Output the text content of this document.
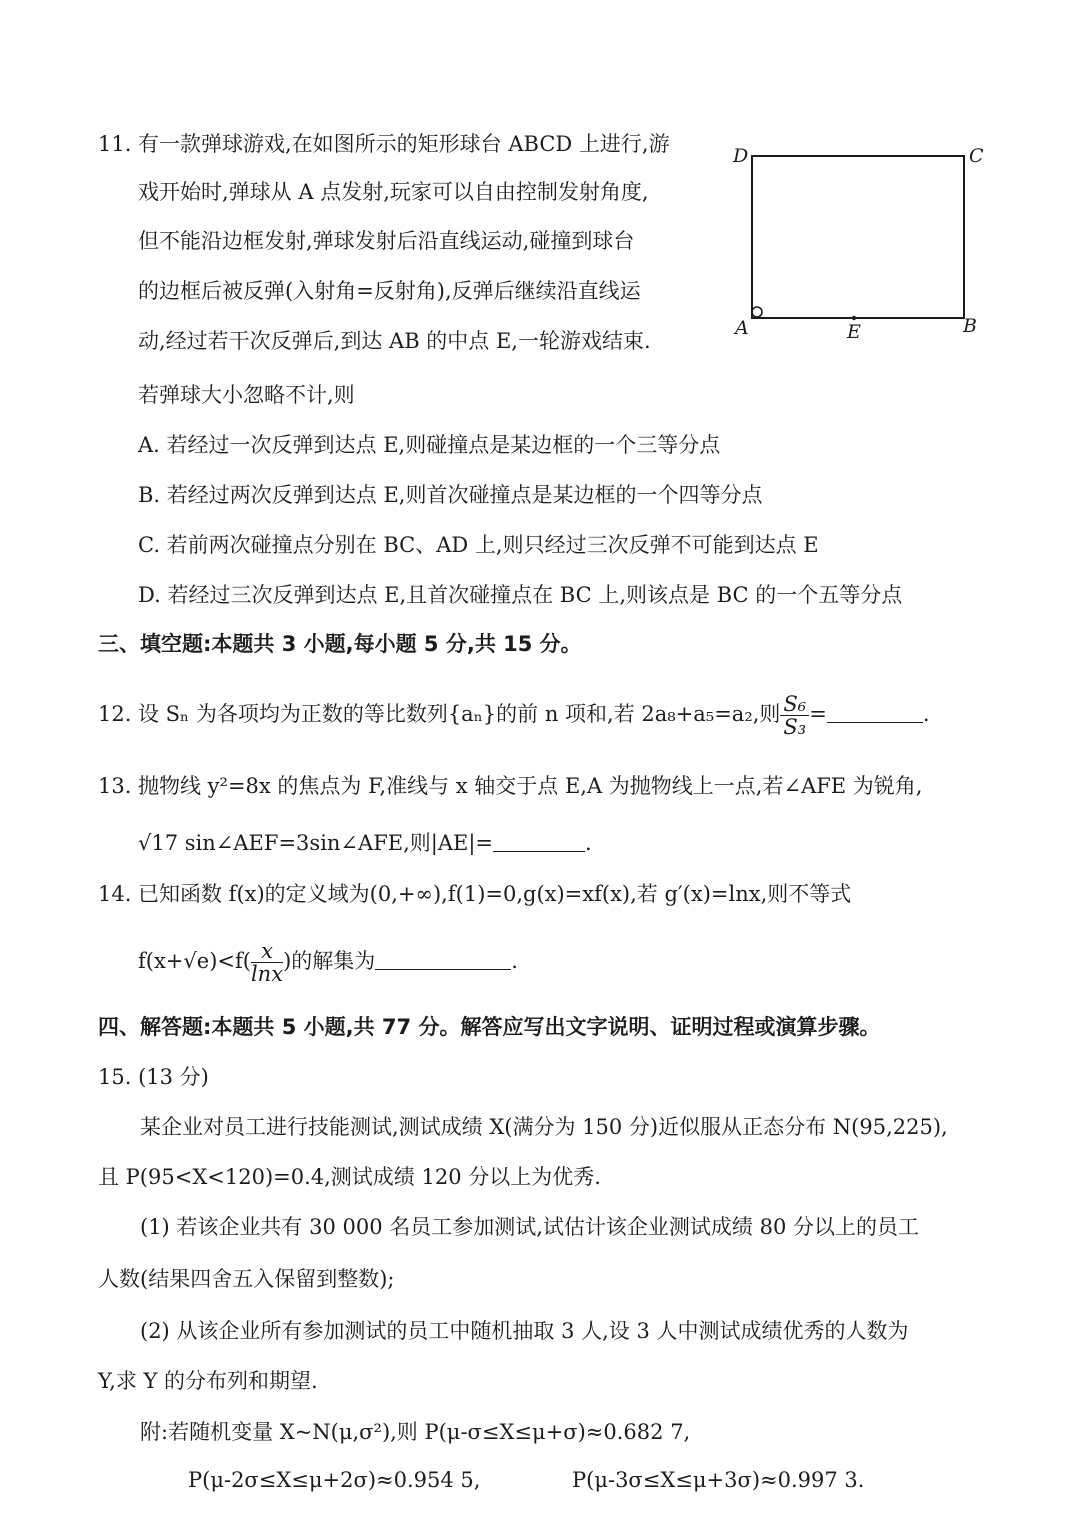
11. 有一款弹球游戏,在如图所示的矩形球台 ABCD 上进行,游
戏开始时,弹球从 A 点发射,玩家可以自由控制发射角度,
但不能沿边框发射,弹球发射后沿直线运动,碰撞到球台
的边框后被反弹(入射角=反射角),反弹后继续沿直线运
动,经过若干次反弹后,到达 AB 的中点 E,一轮游戏结束.
若弹球大小忽略不计,则
D	C
A	E	B
A. 若经过一次反弹到达点 E,则碰撞点是某边框的一个三等分点
B. 若经过两次反弹到达点 E,则首次碰撞点是某边框的一个四等分点
C. 若前两次碰撞点分别在 BC、AD 上,则只经过三次反弹不可能到达点 E
D. 若经过三次反弹到达点 E,且首次碰撞点在 BC 上,则该点是 BC 的一个五等分点
三、填空题:本题共 3 小题,每小题 5 分,共 15 分。
12. 设 Sₙ 为各项均为正数的等比数列{aₙ}的前 n 项和,若 2a₈+a₅=a₂,则 $\frac{\text{S₆}}{\text{S₃}}$ =	.
13. 抛物线 y²=8x 的焦点为 F,准线与 x 轴交于点 E,A 为抛物线上一点,若∠AFE 为锐角,
√17 sin∠AEF=3sin∠AFE,则|AE|=	.
14. 已知函数 f(x)的定义域为(0,+∞),f(1)=0,g(x)=xf(x),若 g′(x)=lnx,则不等式
$f(x+√e)<f( \frac{x}{\ln x}$ )的解集为	.
四、解答题:本题共 5 小题,共 77 分。解答应写出文字说明、证明过程或演算步骤。
15. (13 分)
某企业对员工进行技能测试,测试成绩 X(满分为 150 分)近似服从正态分布 N(95,225),
且 P(95<X<120)=0.4,测试成绩 120 分以上为优秀.
(1) 若该企业共有 30 000 名员工参加测试,试估计该企业测试成绩 80 分以上的员工
人数(结果四舍五入保留到整数);
(2) 从该企业所有参加测试的员工中随机抽取 3 人,设 3 人中测试成绩优秀的人数为
Y,求 Y 的分布列和期望.
附:若随机变量 X~N(μ,σ²),则 P(μ-σ≤X≤μ+σ)≈0.682 7,
P(μ-2σ≤X≤μ+2σ)≈0.954 5,	P(μ-3σ≤X≤μ+3σ)≈0.997 3.
